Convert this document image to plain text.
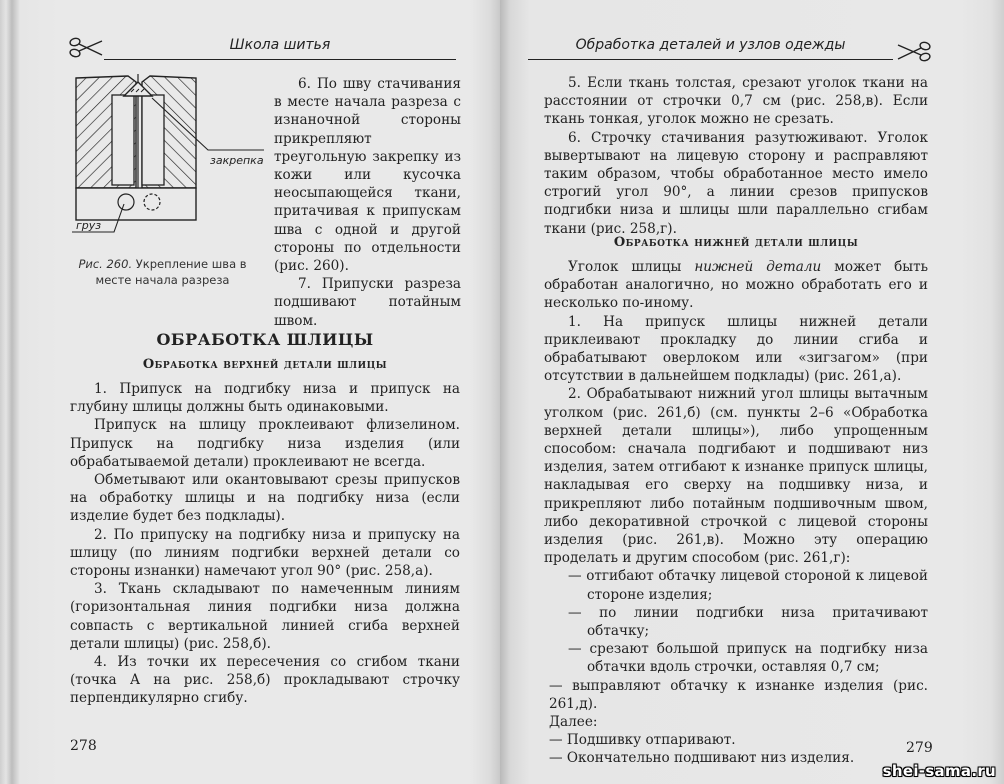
Школа шитья
закрепка
груз
Рис. 260. Укрепление шва в месте начала разреза

6. По шву стачивания в месте начала разреза с изнаночной стороны прикрепляют треугольную закрепку из кожи или кусочка неосыпающейся ткани, притачивая к припускам шва с одной и другой стороны по отдельности (рис. 260).

7. Припуски разреза подшивают потайным швом.

ОБРАБОТКА ШЛИЦЫ
Обработка верхней детали шлицы

1. Припуск на подгибку низа и припуск на глубину шлицы должны быть одинаковыми.

Припуск на шлицу проклеивают флизелином. Припуск на подгибку низа изделия (или обрабатываемой детали) проклеивают не всегда.

Обметывают или окантовывают срезы припусков на обработку шлицы и на подгибку низа (если изделие будет без подклады).

2. По припуску на подгибку низа и припуску на шлицу (по линиям подгибки верхней детали со стороны изнанки) намечают угол 90° (рис. 258,а).

3. Ткань складывают по намеченным линиям (горизонтальная линия подгибки низа должна совпасть с вертикальной линией сгиба верхней детали шлицы) (рис. 258,б).

4. Из точки их пересечения со сгибом ткани (точка А на рис. 258,б) прокладывают строчку перпендикулярно сгибу.

278
Обработка деталей и узлов одежды

5. Если ткань толстая, срезают уголок ткани на расстоянии от строчки 0,7 см (рис. 258,в). Если ткань тонкая, уголок можно не срезать.

6. Строчку стачивания разутюживают. Уголок вывертывают на лицевую сторону и расправляют таким образом, чтобы обработанное место имело строгий угол 90°, а линии срезов припусков подгибки низа и шлицы шли параллельно сгибам ткани (рис. 258,г).

Обработка нижней детали шлицы

Уголок шлицы нижней детали может быть обработан аналогично, но можно обработать его и несколько по-иному.

1. На припуск шлицы нижней детали приклеивают прокладку до линии сгиба и обрабатывают оверлоком или «зигзагом» (при отсутствии в дальнейшем подклады) (рис. 261,а).

2. Обрабатывают нижний угол шлицы вытачным уголком (рис. 261,б) (см. пункты 2–6 «Обработка верхней детали шлицы»), либо упрощенным способом: сначала подгибают и подшивают низ изделия, затем отгибают к изнанке припуск шлицы, накладывая его сверху на подшивку низа, и прикрепляют либо потайным подшивочным швом, либо декоративной строчкой с лицевой стороны изделия (рис. 261,в). Можно эту операцию проделать и другим способом (рис. 261,г):

— отгибают обтачку лицевой стороной к лицевой стороне изделия;

— по линии подгибки низа притачивают обтачку;

— срезают большой припуск на подгибку низа обтачки вдоль строчки, оставляя 0,7 см;

— выправляют обтачку к изнанке изделия (рис. 261,д).

Далее:

— Подшивку отпаривают.

— Окончательно подшивают низ изделия.

279
shei-sama.ru
